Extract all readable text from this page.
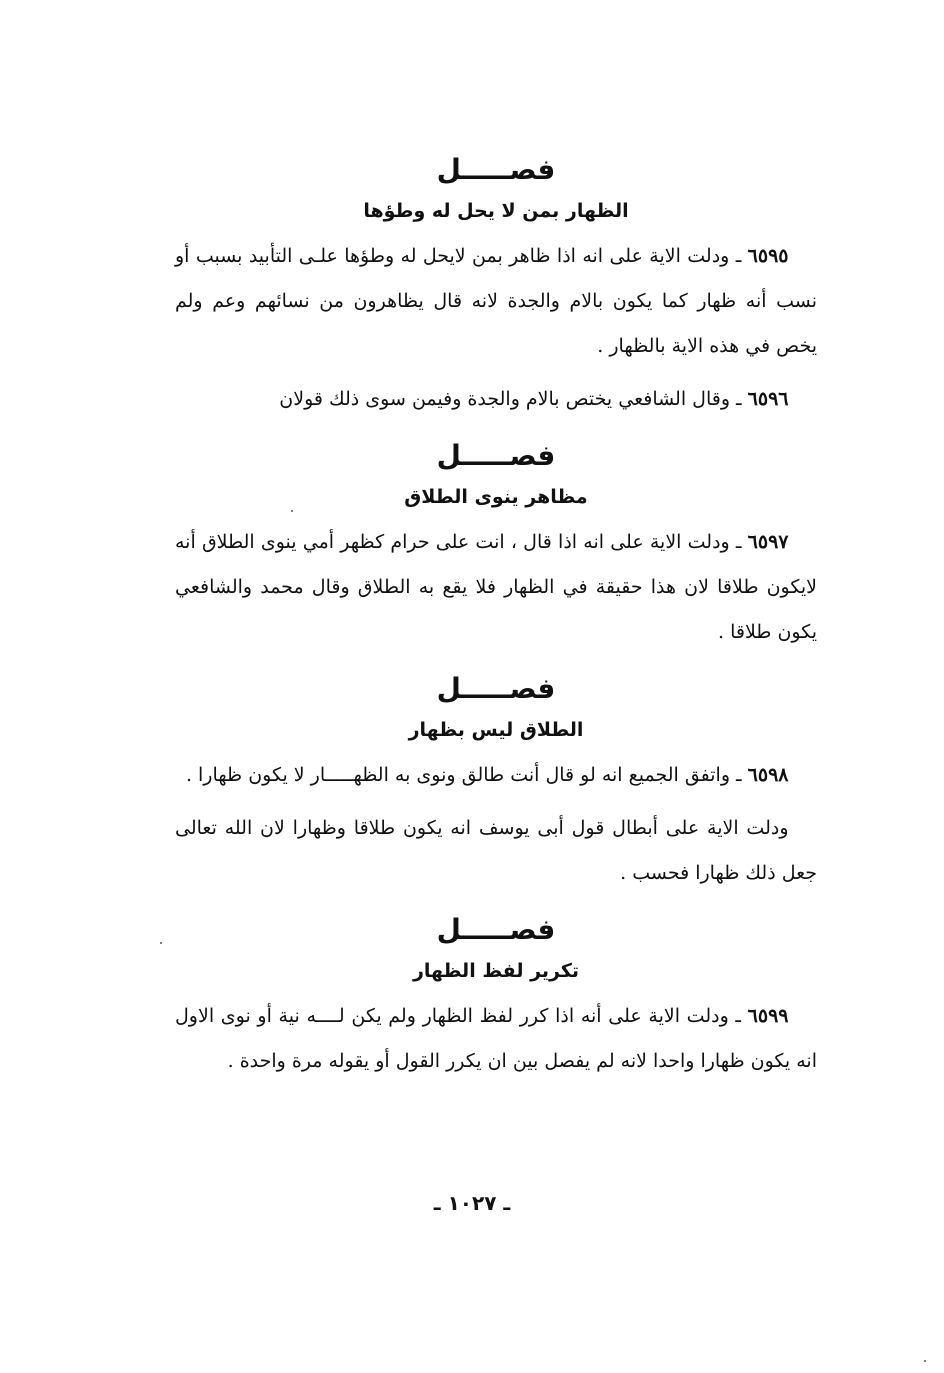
فصـــــل
الظهار بمن لا يحل له وطؤها

  ٦٥٩٥ ـ ودلت الاية على انه اذا ظاهر بمن لايحل له وطؤها علـى التأبيد بسبب أو نسب أنه ظهار كما يكون بالام والجدة لانه قال يظاهرون من نسائهم وعم ولم يخص في هذه الاية بالظهار .

  ٦٥٩٦ ـ وقال الشافعي يختص بالام والجدة وفيمن سوى ذلك قولان

فصـــــل
مظاهر ينوى الطلاق

  ٦٥٩٧ ـ ودلت الاية على انه اذا قال ، انت على حرام كظهر أمي ينوى الطلاق أنه لايكون طلاقا لان هذا حقيقة في الظهار فلا يقع به الطلاق وقال محمد والشافعي يكون طلاقا .

فصـــــل
الطلاق ليس بظهار

  ٦٥٩٨ ـ واتفق الجميع انه لو قال أنت طالق ونوى به الظهـــــار لا يكون ظهارا .

  ودلت الاية على أبطال قول أبى يوسف انه يكون طلاقا وظهارا لان الله تعالى جعل ذلك ظهارا فحسب .

فصـــــل
تكرير لفظ الظهار

  ٦٥٩٩ ـ ودلت الاية على أنه اذا كرر لفظ الظهار ولم يكن لــــه نية أو نوى الاول انه يكون ظهارا واحدا لانه لم يفصل بين ان يكرر القول أو يقوله مرة واحدة .

ـ ١٠٢٧ ـ
